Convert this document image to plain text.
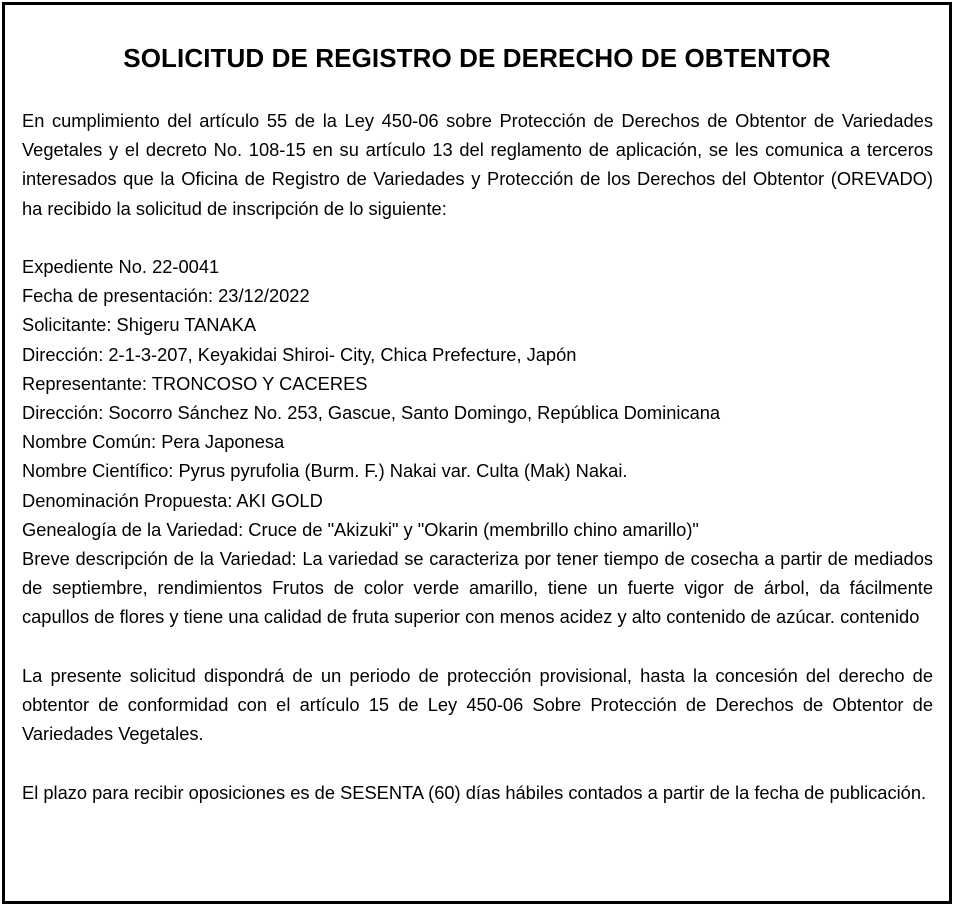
SOLICITUD DE REGISTRO DE DERECHO DE OBTENTOR

En cumplimiento del artículo 55 de la Ley 450-06 sobre Protección de Derechos de Obtentor de Variedades Vegetales y el decreto No. 108-15 en su artículo 13 del reglamento de aplicación, se les comunica a terceros interesados que la Oficina de Registro de Variedades y Protección de los Derechos del Obtentor (OREVADO) ha recibido la solicitud de inscripción de lo siguiente:

Expediente No. 22-0041
Fecha de presentación: 23/12/2022
Solicitante: Shigeru TANAKA
Dirección: 2-1-3-207, Keyakidai Shiroi- City, Chica Prefecture, Japón
Representante: TRONCOSO Y CACERES
Dirección: Socorro Sánchez No. 253, Gascue, Santo Domingo, República Dominicana
Nombre Común: Pera Japonesa
Nombre Científico: Pyrus pyrufolia (Burm. F.) Nakai var. Culta (Mak) Nakai.
Denominación Propuesta: AKI GOLD
Genealogía de la Variedad: Cruce de "Akizuki" y "Okarin (membrillo chino amarillo)"
Breve descripción de la Variedad: La variedad se caracteriza por tener tiempo de cosecha a partir de mediados de septiembre, rendimientos Frutos de color verde amarillo, tiene un fuerte vigor de árbol, da fácilmente capullos de flores y tiene una calidad de fruta superior con menos acidez y alto contenido de azúcar. contenido

La presente solicitud dispondrá de un periodo de protección provisional, hasta la concesión del derecho de obtentor de conformidad con el artículo 15 de Ley 450-06 Sobre Protección de Derechos de Obtentor de Variedades Vegetales.

El plazo para recibir oposiciones es de SESENTA (60) días hábiles contados a partir de la fecha de publicación.
